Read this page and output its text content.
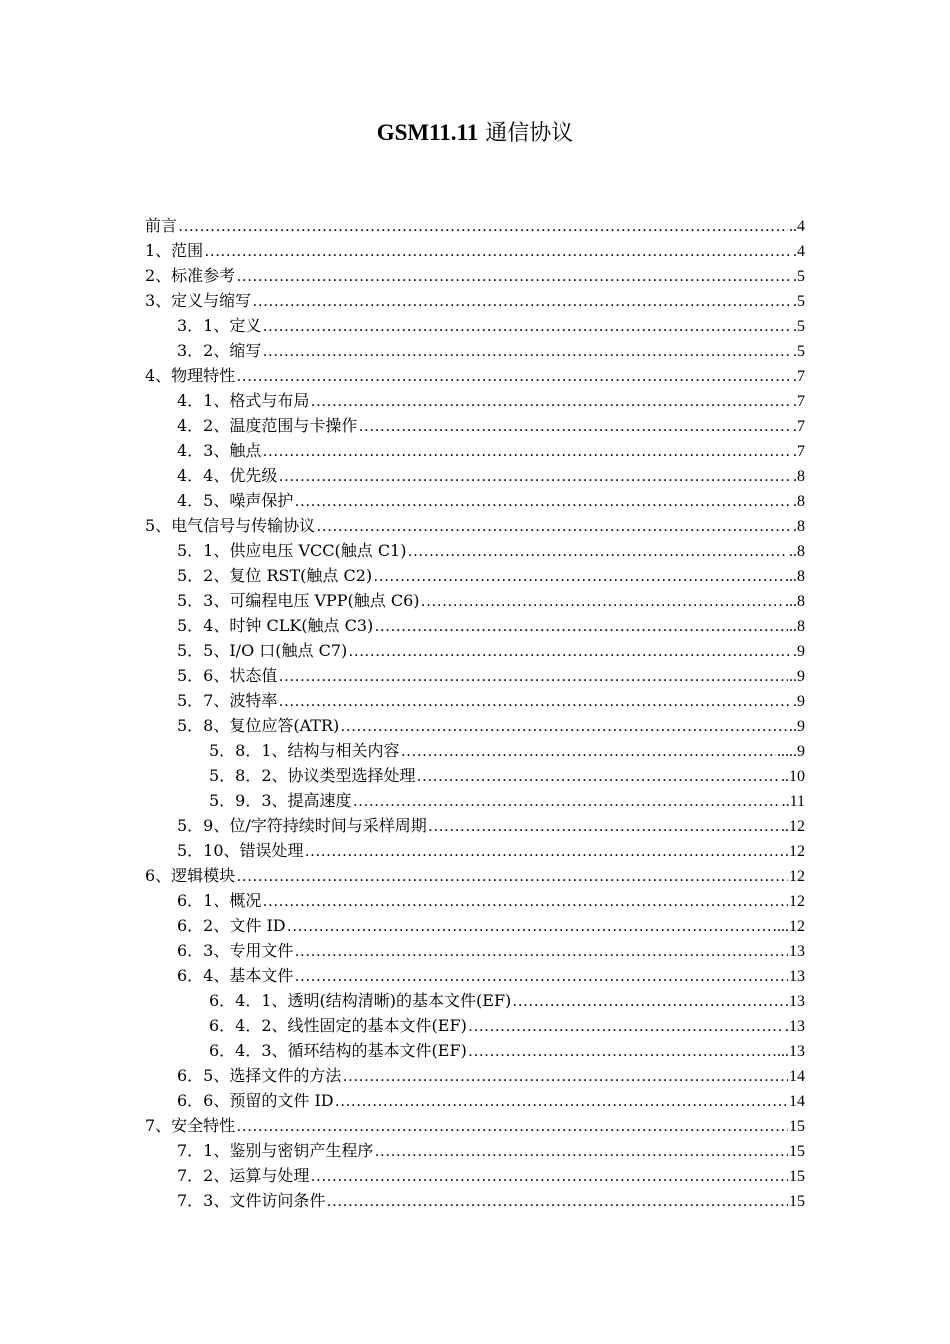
GSM11.11 通信协议
前言 …………………………………………………………………………………………………………………………………………………………………………………	..4
1、范围 …………………………………………………………………………………………………………………………………………………………………………………	.4
2、标准参考 …………………………………………………………………………………………………………………………………………………………………………………	.5
3、定义与缩写 …………………………………………………………………………………………………………………………………………………………………………………	.5
3．1、定义 …………………………………………………………………………………………………………………………………………………………………………………	.5
3．2、缩写 …………………………………………………………………………………………………………………………………………………………………………………	.5
4、物理特性 …………………………………………………………………………………………………………………………………………………………………………………	.7
4．1、格式与布局 …………………………………………………………………………………………………………………………………………………………………………………	.7
4．2、温度范围与卡操作 …………………………………………………………………………………………………………………………………………………………………………………	.7
4．3、触点 …………………………………………………………………………………………………………………………………………………………………………………	.7
4．4、优先级 …………………………………………………………………………………………………………………………………………………………………………………	.8
4．5、噪声保护 …………………………………………………………………………………………………………………………………………………………………………………	.8
5、电气信号与传输协议 …………………………………………………………………………………………………………………………………………………………………………………	.8
5．1、供应电压 VCC(触点 C1) …………………………………………………………………………………………………………………………………………………………………………………	..8
5．2、复位 RST(触点 C2) …………………………………………………………………………………………………………………………………………………………………………………	...8
5．3、可编程电压 VPP(触点 C6) …………………………………………………………………………………………………………………………………………………………………………………	...8
5．4、时钟 CLK(触点 C3) …………………………………………………………………………………………………………………………………………………………………………………	..8
5．5、I/O 口(触点 C7) …………………………………………………………………………………………………………………………………………………………………………………	.9
5．6、状态值 …………………………………………………………………………………………………………………………………………………………………………………	..9
5．7、波特率 …………………………………………………………………………………………………………………………………………………………………………………	.9
5．8、复位应答(ATR) …………………………………………………………………………………………………………………………………………………………………………………	.9
5．8．1、结构与相关内容 …………………………………………………………………………………………………………………………………………………………………………………	.....9
5．8．2、协议类型选择处理 …………………………………………………………………………………………………………………………………………………………………………………	..10
5．9．3、提高速度 …………………………………………………………………………………………………………………………………………………………………………………	..11
5．9、位/字符持续时间与采样周期 …………………………………………………………………………………………………………………………………………………………………………………	..12
5．10、错误处理 …………………………………………………………………………………………………………………………………………………………………………………	.12
6、逻辑模块 …………………………………………………………………………………………………………………………………………………………………………………	12
6．1、概况 …………………………………………………………………………………………………………………………………………………………………………………	12
6．2、文件 ID …………………………………………………………………………………………………………………………………………………………………………………	...12
6．3、专用文件 …………………………………………………………………………………………………………………………………………………………………………………	13
6．4、基本文件 …………………………………………………………………………………………………………………………………………………………………………………	13
6．4．1、透明(结构清晰)的基本文件(EF) …………………………………………………………………………………………………………………………………………………………………………………	.13
6．4．2、线性固定的基本文件(EF) …………………………………………………………………………………………………………………………………………………………………………………	.13
6．4．3、循环结构的基本文件(EF) …………………………………………………………………………………………………………………………………………………………………………………	...13
6．5、选择文件的方法 …………………………………………………………………………………………………………………………………………………………………………………	14
6．6、预留的文件 ID …………………………………………………………………………………………………………………………………………………………………………………	14
7、安全特性 …………………………………………………………………………………………………………………………………………………………………………………	15
7．1、鉴别与密钥产生程序 …………………………………………………………………………………………………………………………………………………………………………………	15
7．2、运算与处理 …………………………………………………………………………………………………………………………………………………………………………………	15
7．3、文件访问条件 …………………………………………………………………………………………………………………………………………………………………………………	15
